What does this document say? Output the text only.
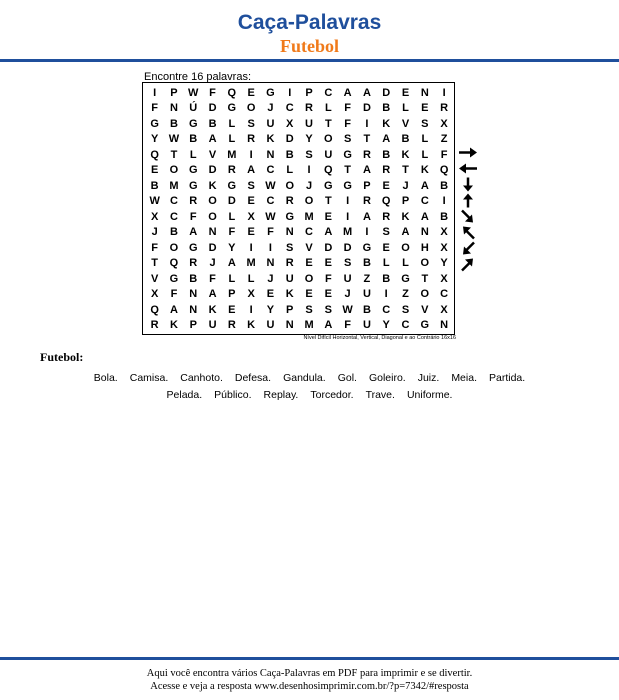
Caça-Palavras
Futebol
Encontre 16 palavras:
I	P	W	F	Q	E	G	I	P	C	A	A	D	E	N	I
F	N	Ú	D	G	O	J	C	R	L	F	D	B	L	E	R
G	B	G	B	L	S	U	X	U	T	F	I	K	V	S	X
Y	W	B	A	L	R	K	D	Y	O	S	T	A	B	L	Z
Q	T	L	V	M	I	N	B	S	U	G	R	B	K	L	F
E	O	G	D	R	A	C	L	I	Q	T	A	R	T	K	Q
B	M	G	K	G	S	W	O	J	G	G	P	E	J	A	B
W	C	R	O	D	E	C	R	O	T	I	R	Q	P	C	I
X	C	F	O	L	X	W	G	M	E	I	A	R	K	A	B
J	B	A	N	F	E	F	N	C	A	M	I	S	A	N	X
F	O	G	D	Y	I	I	S	V	D	D	G	E	O	H	X
T	Q	R	J	A	M	N	R	E	E	S	B	L	L	O	Y
V	G	B	F	L	L	J	U	O	F	U	Z	B	G	T	X
X	F	N	A	P	X	E	K	E	E	J	U	I	Z	O	C
Q	A	N	K	E	I	Y	P	S	S	W	B	C	S	V	X
R	K	P	U	R	K	U	N	M	A	F	U	Y	C	G	N
Nível Difícil Horizontal, Vertical, Diagonal e ao Contrário 16x16
Futebol:
Bola. Camisa. Canhoto. Defesa. Gandula. Gol. Goleiro. Juiz. Meia. Partida.
Pelada. Público. Replay. Torcedor. Trave. Uniforme.
Aqui você encontra vários Caça-Palavras em PDF para imprimir e se divertir.
Acesse e veja a resposta www.desenhosimprimir.com.br/?p=7342/#resposta
